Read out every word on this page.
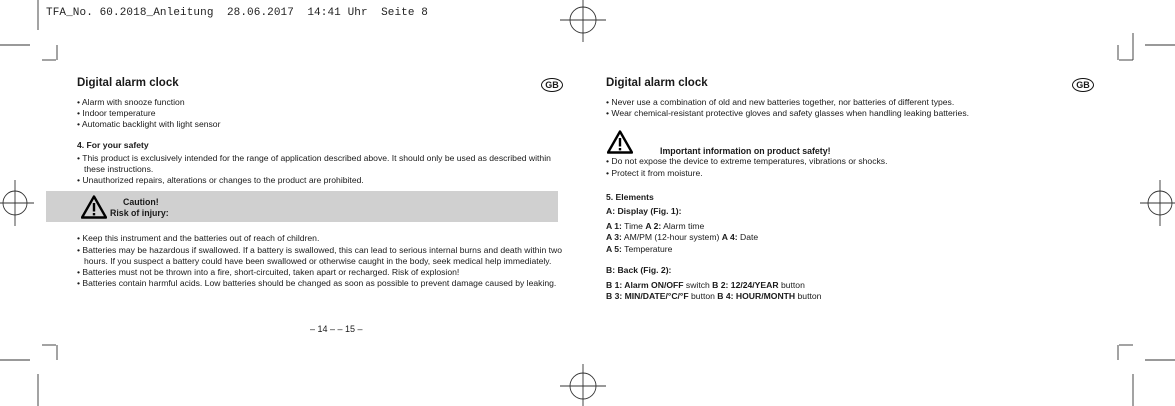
TFA_No. 60.2018_Anleitung 28.06.2017 14:41 Uhr Seite 8
Digital alarm clock	GB
• Alarm with snooze function
• Indoor temperature
• Automatic backlight with light sensor
4. For your safety
• This product is exclusively intended for the range of application described above. It should only be used as described within these instructions.
• Unauthorized repairs, alterations or changes to the product are prohibited.
Caution!
Risk of injury:
• Keep this instrument and the batteries out of reach of children.
• Batteries may be hazardous if swallowed. If a battery is swallowed, this can lead to serious internal burns and death within two hours. If you suspect a battery could have been swallowed or otherwise caught in the body, seek medical help immediately.
• Batteries must not be thrown into a fire, short-circuited, taken apart or recharged. Risk of explosion!
• Batteries contain harmful acids. Low batteries should be changed as soon as possible to prevent damage caused by leaking.
– 14 – – 15 –
Digital alarm clock	GB
• Never use a combination of old and new batteries together, nor batteries of different types.
• Wear chemical-resistant protective gloves and safety glasses when handling leaking batteries.
Important information on product safety!
• Do not expose the device to extreme temperatures, vibrations or shocks.
• Protect it from moisture.
5. Elements
A: Display (Fig. 1):
A 1: Time A 2: Alarm time
A 3: AM/PM (12-hour system) A 4: Date
A 5: Temperature
B: Back (Fig. 2):
B 1: Alarm ON/OFF switch B 2: 12/24/YEAR button
B 3: MIN/DATE/°C/°F button B 4: HOUR/MONTH button
